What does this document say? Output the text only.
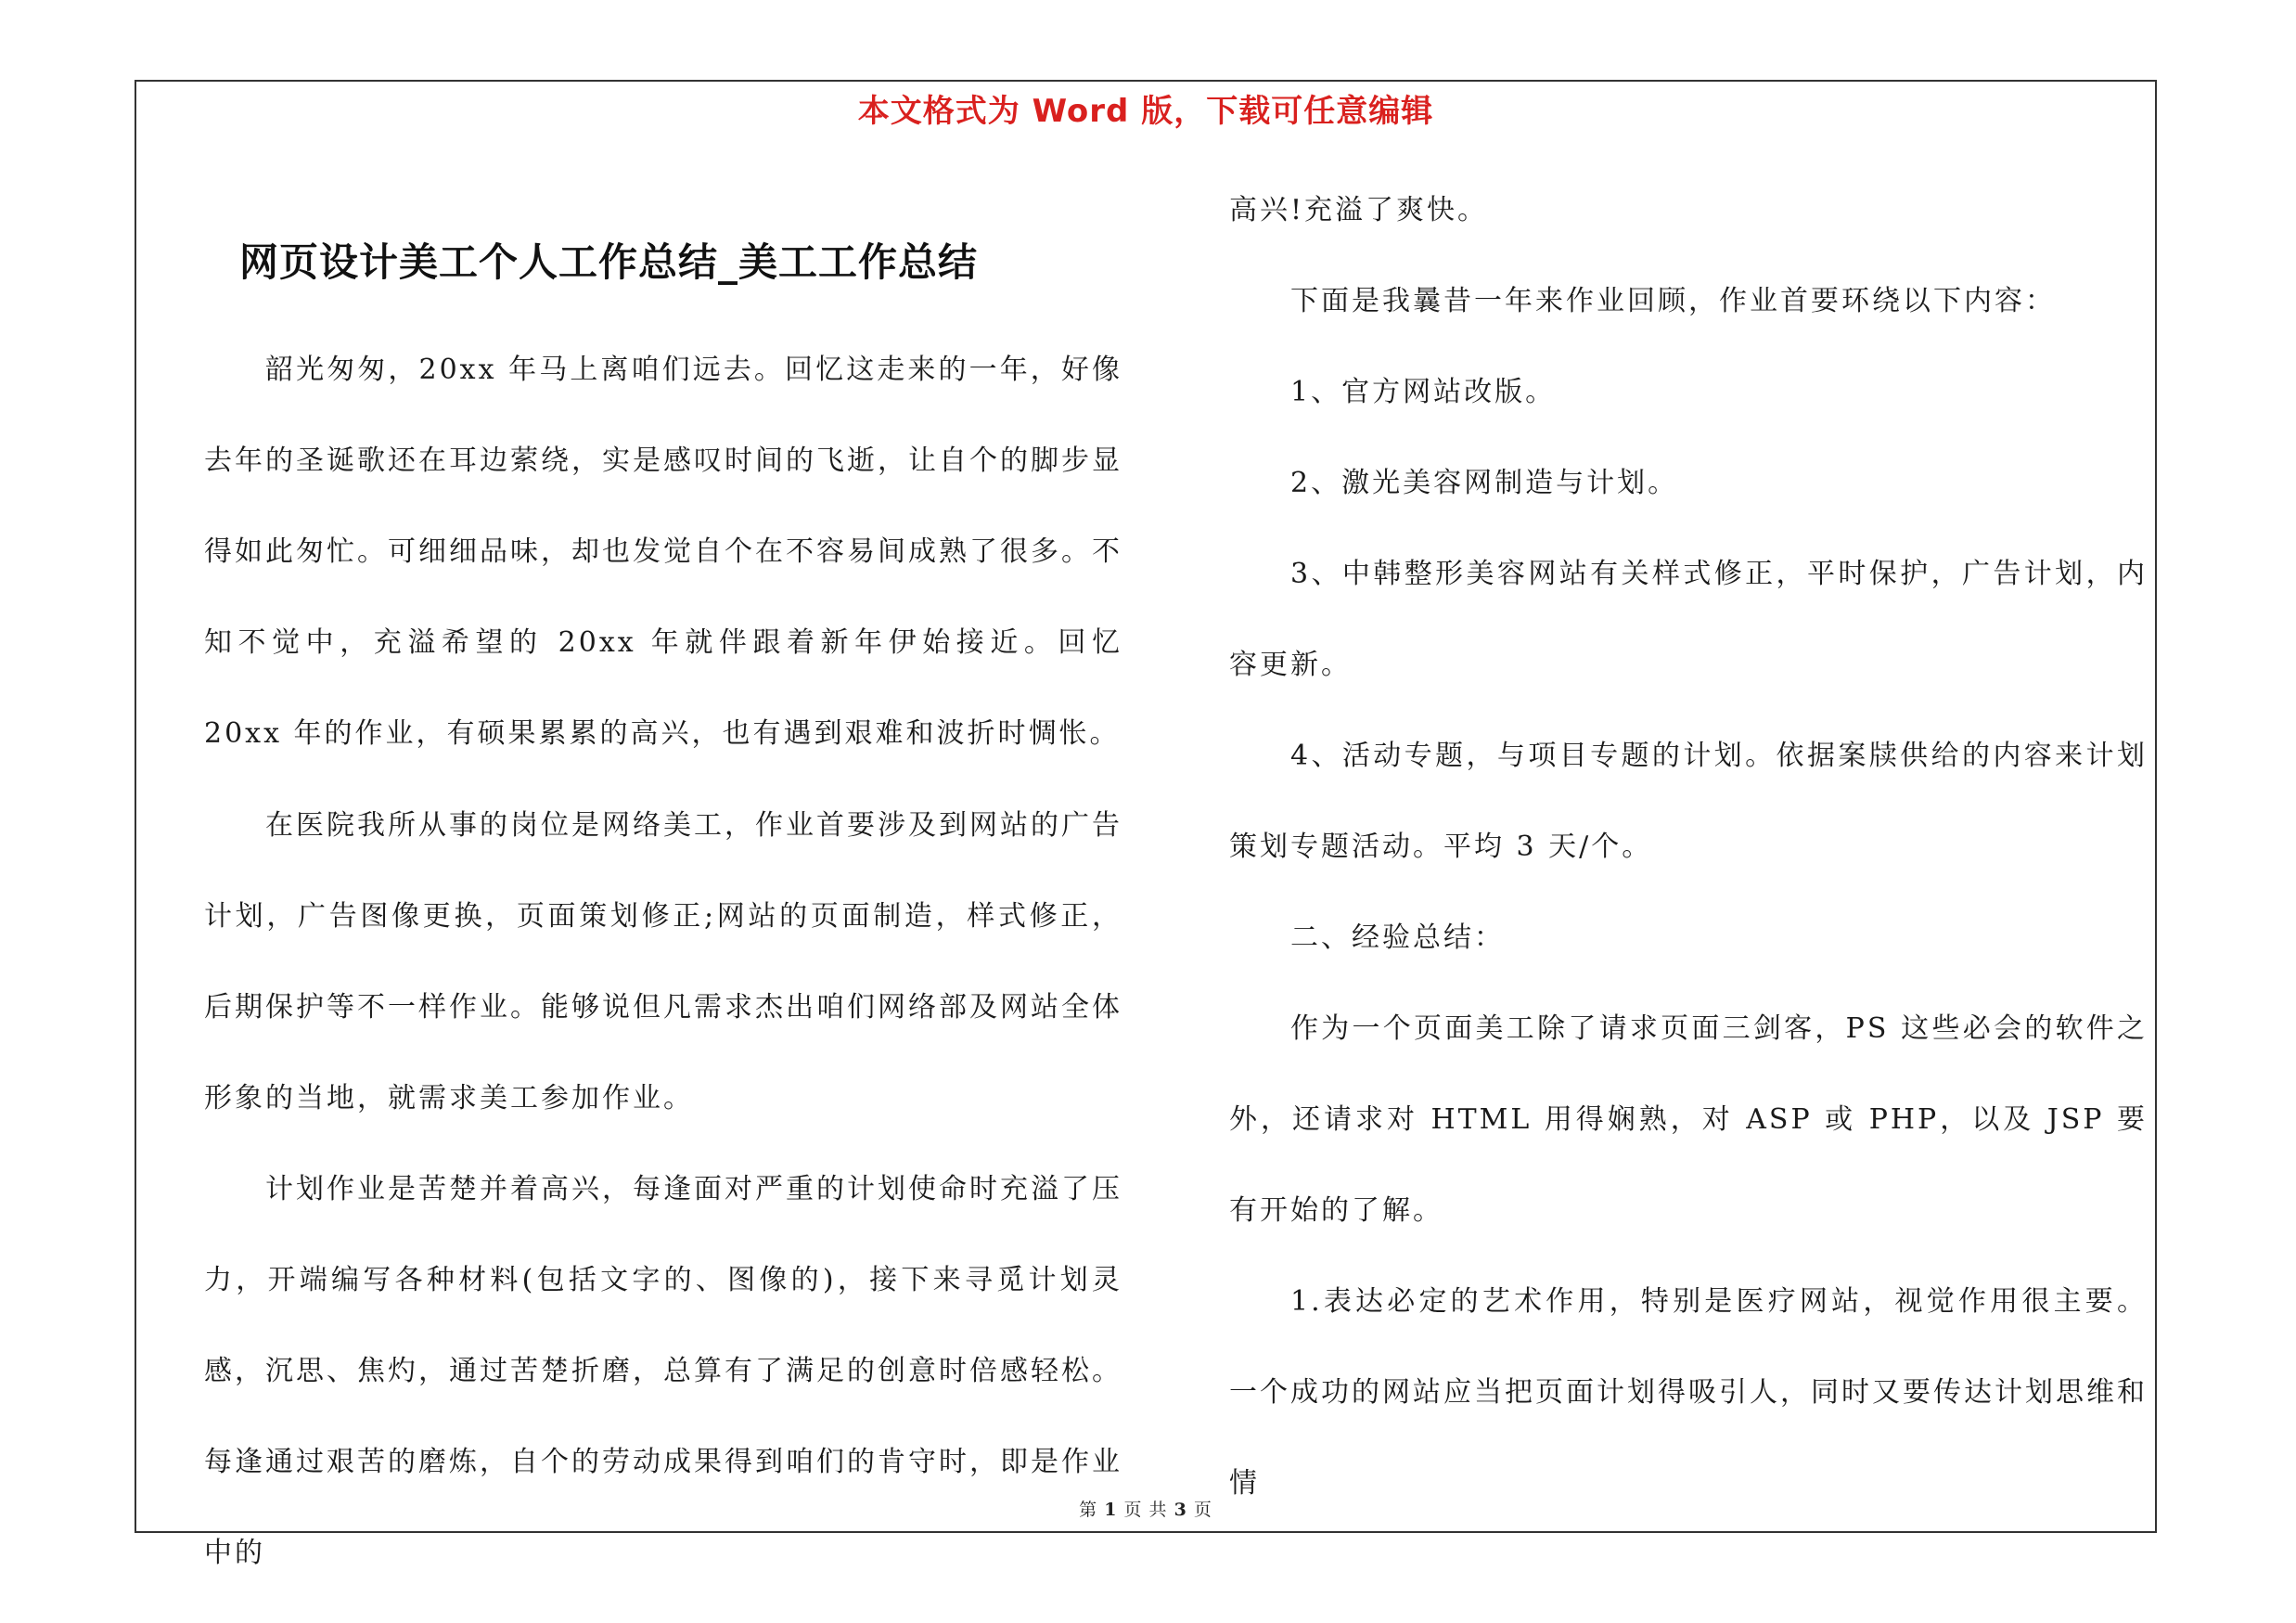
本文格式为 Word 版，下载可任意编辑
网页设计美工个人工作总结_美工工作总结

韶光匆匆，20xx 年马上离咱们远去。回忆这走来的一年，好像去年的圣诞歌还在耳边萦绕，实是感叹时间的飞逝，让自个的脚步显得如此匆忙。可细细品味，却也发觉自个在不容易间成熟了很多。不知不觉中，充溢希望的 20xx 年就伴跟着新年伊始接近。回忆 20xx 年的作业，有硕果累累的高兴，也有遇到艰难和波折时惆怅。

在医院我所从事的岗位是网络美工，作业首要涉及到网站的广告计划，广告图像更换，页面策划修正;网站的页面制造，样式修正，后期保护等不一样作业。能够说但凡需求杰出咱们网络部及网站全体形象的当地，就需求美工参加作业。

计划作业是苦楚并着高兴，每逢面对严重的计划使命时充溢了压力，开端编写各种材料(包括文字的、图像的)，接下来寻觅计划灵感，沉思、焦灼，通过苦楚折磨，总算有了满足的创意时倍感轻松。每逢通过艰苦的磨炼，自个的劳动成果得到咱们的肯守时，即是作业中的

高兴!充溢了爽快。

下面是我曩昔一年来作业回顾，作业首要环绕以下内容：

1、官方网站改版。

2、激光美容网制造与计划。

3、中韩整形美容网站有关样式修正，平时保护，广告计划，内容更新。

4、活动专题，与项目专题的计划。依据案牍供给的内容来计划策划专题活动。平均 3 天/个。

二、经验总结：

作为一个页面美工除了请求页面三剑客，PS 这些必会的软件之外，还请求对 HTML 用得娴熟，对 ASP 或 PHP，以及 JSP 要有开始的了解。

1.表达必定的艺术作用，特别是医疗网站，视觉作用很主要。一个成功的网站应当把页面计划得吸引人，同时又要传达计划思维和情

第 1 页 共 3 页
